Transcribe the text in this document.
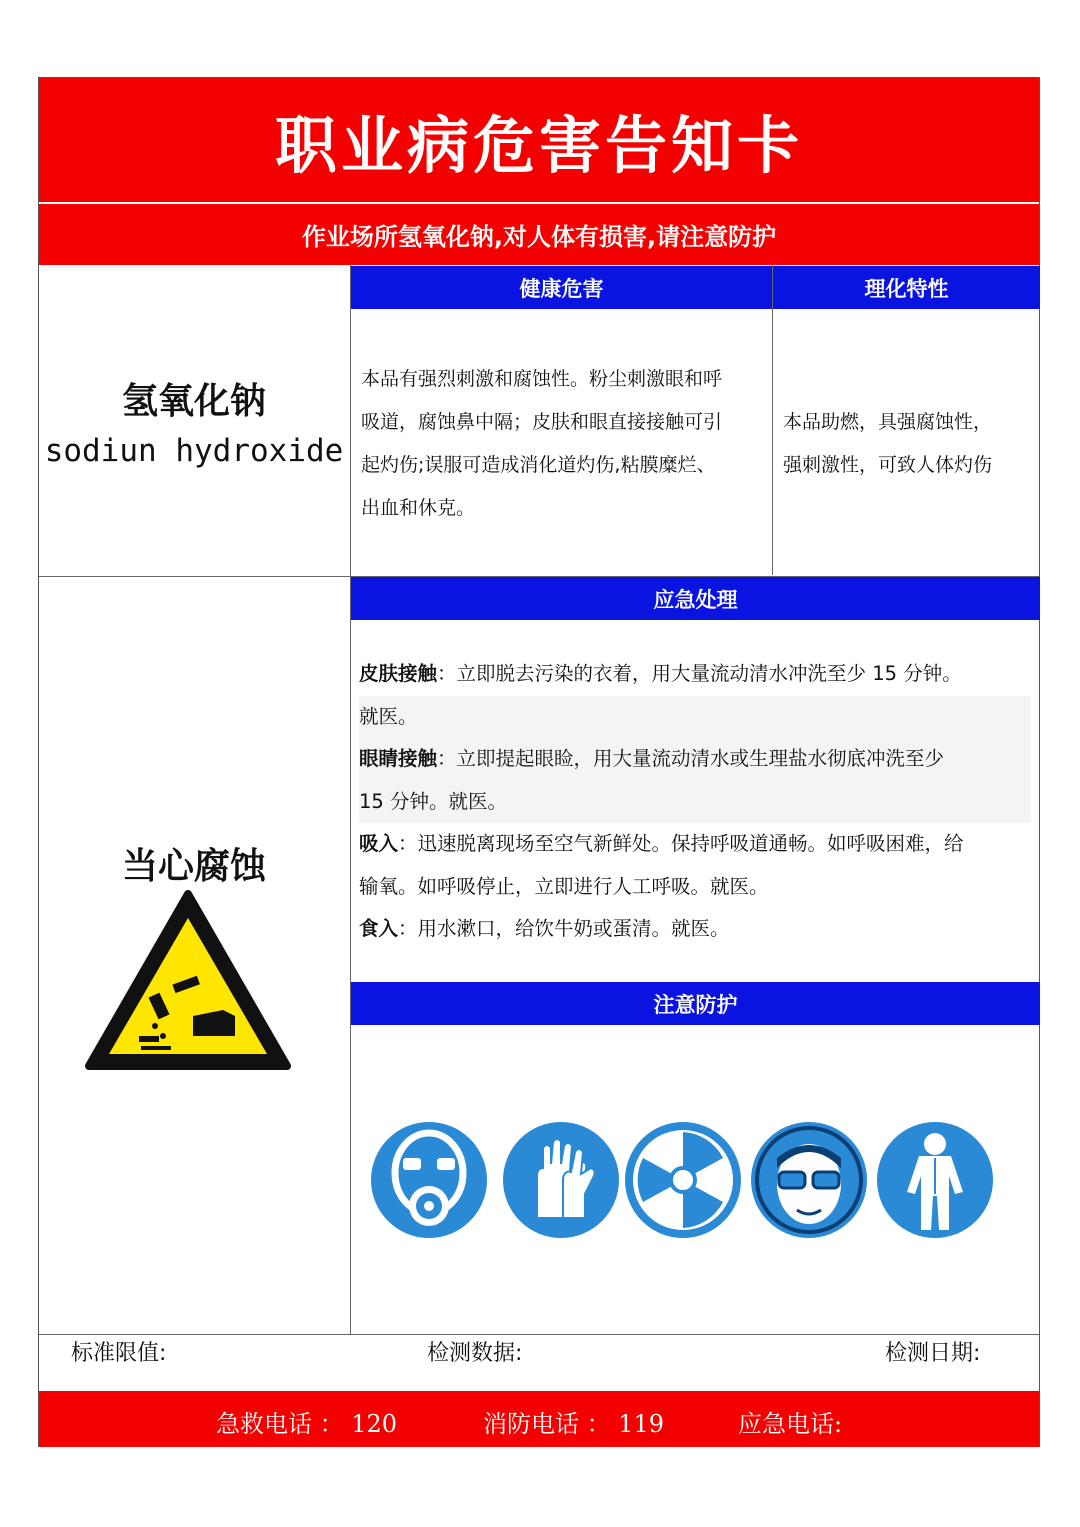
职业病危害告知卡
作业场所氢氧化钠,对人体有损害,请注意防护
氢氧化钠
sodiun hydroxide
健康危害
本品有强烈刺激和腐蚀性。粉尘刺激眼和呼
吸道，腐蚀鼻中隔；皮肤和眼直接接触可引
起灼伤;误服可造成消化道灼伤,粘膜糜烂、
出血和休克。
理化特性
本品助燃，具强腐蚀性，
强刺激性，可致人体灼伤
应急处理
皮肤接触：立即脱去污染的衣着，用大量流动清水冲洗至少 15 分钟。
就医。
眼睛接触：立即提起眼睑，用大量流动清水或生理盐水彻底冲洗至少
15 分钟。就医。
吸入：迅速脱离现场至空气新鲜处。保持呼吸道通畅。如呼吸困难，给
输氧。如呼吸停止，立即进行人工呼吸。就医。
食入：用水漱口，给饮牛奶或蛋清。就医。
注意防护
当心腐蚀
标准限值:	检测数据:	检测日期:
急救电话 ： 120	消防电话 ： 119	应急电话:
